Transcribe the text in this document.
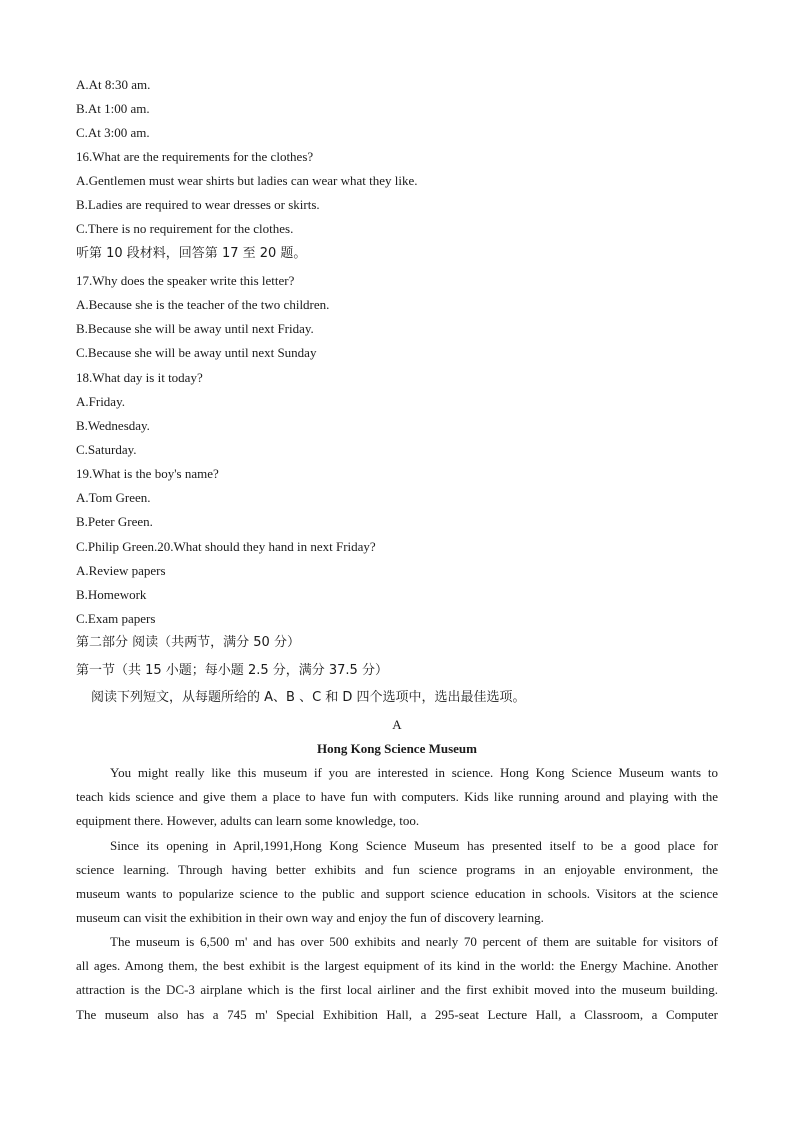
A.At 8:30 am.
B.At 1:00 am.
C.At 3:00 am.
16.What are the requirements for the clothes?
A.Gentlemen must wear shirts but ladies can wear what they like.
B.Ladies are required to wear dresses or skirts.
C.There is no requirement for the clothes.
听第 10 段材料，回答第 17 至 20 题。
17.Why does the speaker write this letter?
A.Because she is the teacher of the two children.
B.Because she will be away until next Friday.
C.Because she will be away until next Sunday
18.What day is it today?
A.Friday.
B.Wednesday.
C.Saturday.
19.What is the boy's name?
A.Tom Green.
B.Peter Green.
C.Philip Green.20.What should they hand in next Friday?
A.Review papers
B.Homework
C.Exam papers
第二部分 阅读（共两节，满分 50 分）
第一节（共 15 小题；每小题 2.5 分，满分 37.5 分）
阅读下列短文，从每题所给的 A、B 、C 和 D 四个选项中，选出最佳选项。
A
Hong Kong Science Museum
You might really like this museum if you are interested in science. Hong Kong Science Museum wants to
teach kids science and give them a place to have fun with computers. Kids like running around and playing with the
equipment there. However, adults can learn some knowledge, too.
Since its opening in April,1991,Hong Kong Science Museum has presented itself to be a good place for
science learning. Through having better exhibits and fun science programs in an enjoyable environment, the
museum wants to popularize science to the public and support science education in schools. Visitors at the science
museum can visit the exhibition in their own way and enjoy the fun of discovery learning.
The museum is 6,500 m' and has over 500 exhibits and nearly 70 percent of them are suitable for visitors of
all ages. Among them, the best exhibit is the largest equipment of its kind in the world: the Energy Machine. Another
attraction is the DC-3 airplane which is the first local airliner and the first exhibit moved into the museum building.
The museum also has a 745 m' Special Exhibition Hall, a 295-seat Lecture Hall, a Classroom, a Computer
